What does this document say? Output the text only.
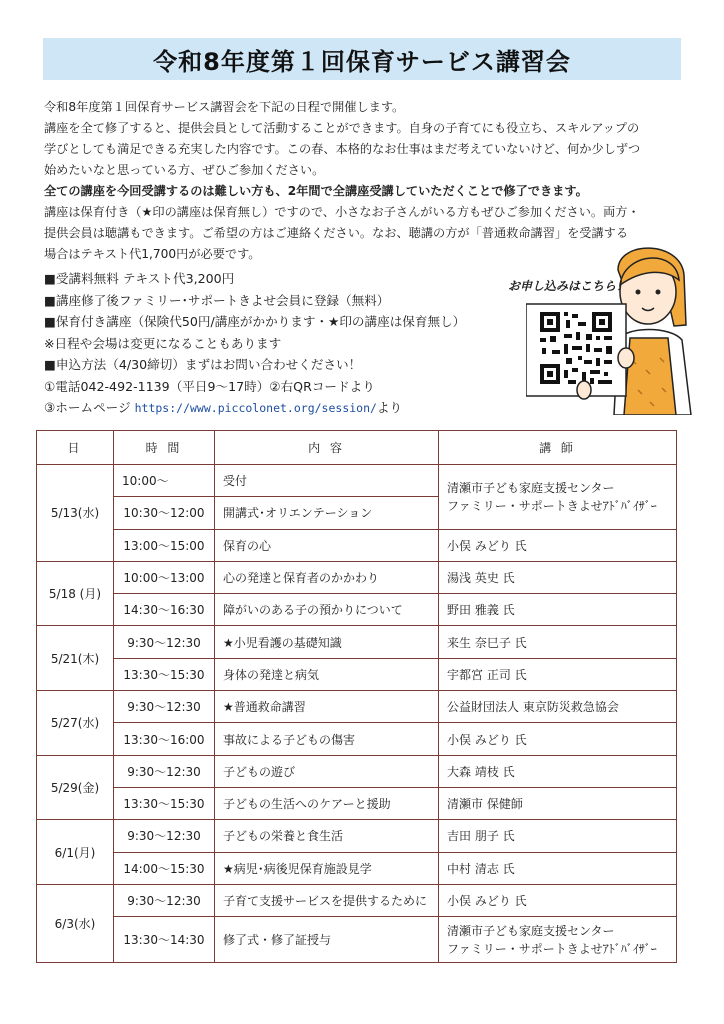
令和8年度第１回保育サービス講習会

令和8年度第１回保育サービス講習会を下記の日程で開催します。

講座を全て修了すると、提供会員として活動することができます。自身の子育てにも役立ち、スキルアップの

学びとしても満足できる充実した内容です。この春、本格的なお仕事はまだ考えていないけど、何か少しずつ

始めたいなと思っている方、ぜひご参加ください。

全ての講座を今回受講するのは難しい方も、2年間で全講座受講していただくことで修了できます。

講座は保育付き（★印の講座は保育無し）ですので、小さなお子さんがいる方もぜひご参加ください。両方・

提供会員は聴講もできます。ご希望の方はご連絡ください。なお、聴講の方が「普通救命講習」を受講する

場合はテキスト代1,700円が必要です。

■受講料無料 テキスト代3,200円

■講座修了後ファミリー･サポートきよせ会員に登録（無料）

■保育付き講座（保険代50円/講座がかかります・★印の講座は保育無し）

※日程や会場は変更になることもあります

■申込方法（4/30締切）まずはお問い合わせください！

①電話042-492-1139（平日9～17時）②右QRコードより

③ホームページ https://www.piccolonet.org/session/より

お申し込みはこちら！
日	時 間	内 容	講 師
5/13(水)	10:00～	受付	清瀬市子ども家庭支援センター
ファミリー・サポートきよせｱﾄﾞﾊﾞｲｻﾞｰ
	10:30～12:00	開講式･オリエンテーション	
	13:00～15:00	保育の心	小俣 みどり 氏
5/18 (月)	10:00～13:00	心の発達と保育者のかかわり	湯浅 英史 氏
	14:30～16:30	障がいのある子の預かりについて	野田 雅義 氏
5/21(木)	9:30～12:30	★小児看護の基礎知識	来生 奈巳子 氏
	13:30～15:30	身体の発達と病気	宇都宮 正司 氏
5/27(水)	9:30～12:30	★普通救命講習	公益財団法人 東京防災救急協会
	13:30～16:00	事故による子どもの傷害	小俣 みどり 氏
5/29(金)	9:30～12:30	子どもの遊び	大森 靖枝 氏
	13:30～15:30	子どもの生活へのケアーと援助	清瀬市 保健師
6/1(月)	9:30～12:30	子どもの栄養と食生活	吉田 朋子 氏
	14:00～15:30	★病児･病後児保育施設見学	中村 清志 氏
6/3(水)	9:30～12:30	子育て支援サービスを提供するために	小俣 みどり 氏
	13:30～14:30	修了式・修了証授与	清瀬市子ども家庭支援センター
ファミリー・サポートきよせｱﾄﾞﾊﾞｲｻﾞｰ
